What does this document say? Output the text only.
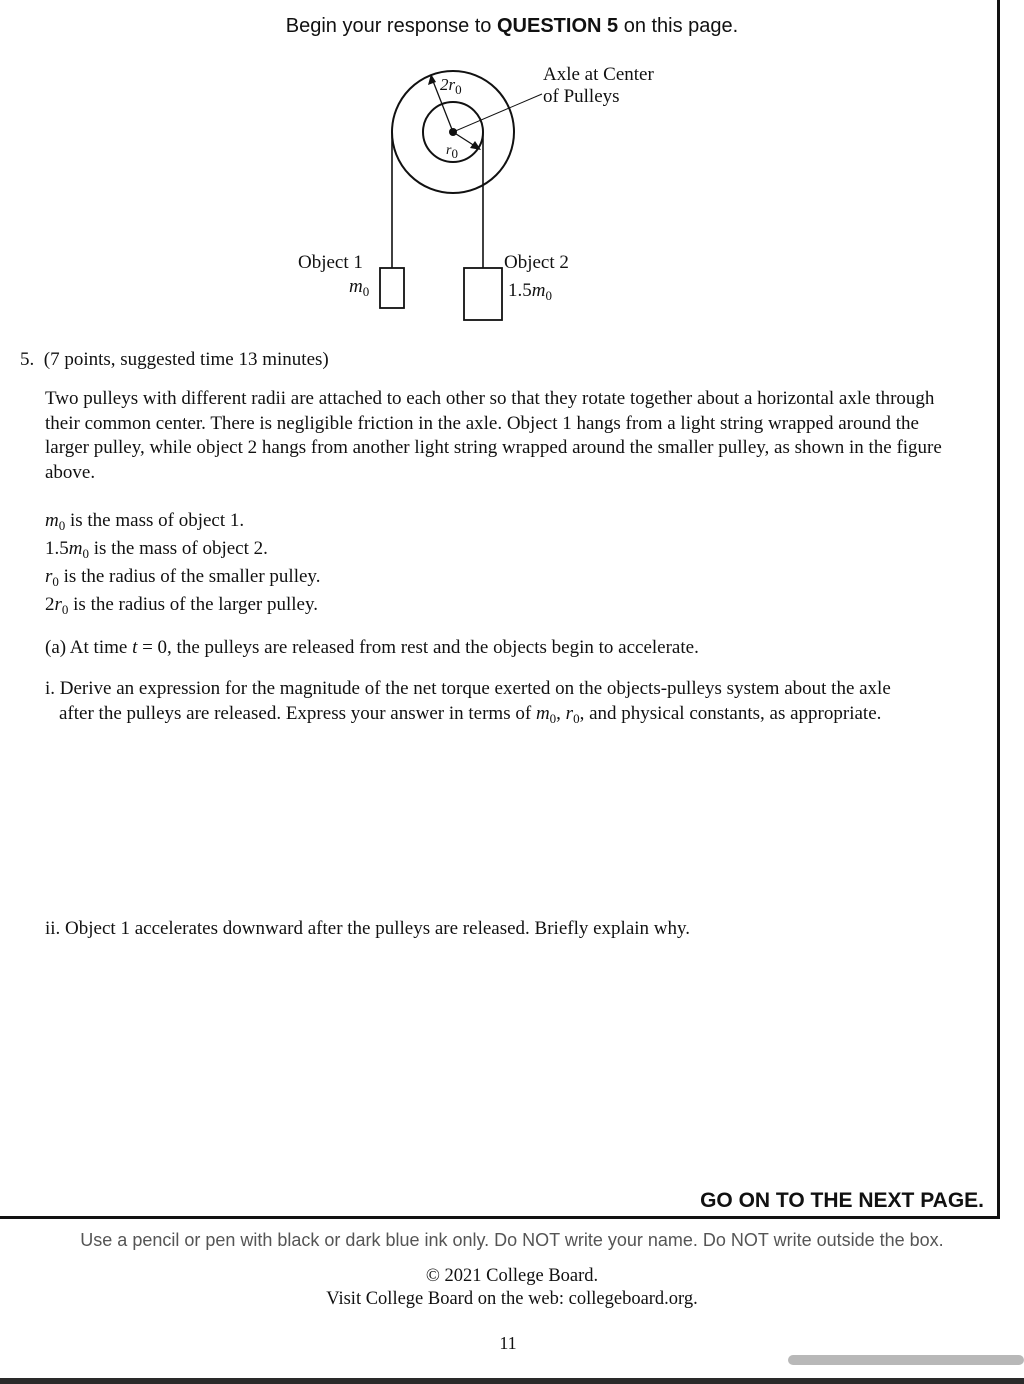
Begin your response to QUESTION 5 on this page.
Axle at Center
of Pulleys
$2r_0$
$r_0$
Object 1
$m_0$
Object 2
$1.5m_0$
5. (7 points, suggested time 13 minutes)
Two pulleys with different radii are attached to each other so that they rotate together about a horizontal axle through their common center. There is negligible friction in the axle. Object 1 hangs from a light string wrapped around the larger pulley, while object 2 hangs from another light string wrapped around the smaller pulley, as shown in the figure above.
$m_0$ is the mass of object 1.
$1.5m_0$ is the mass of object 2.
$r_0$ is the radius of the smaller pulley.
$2r_0$ is the radius of the larger pulley.
(a) At time t = 0, the pulleys are released from rest and the objects begin to accelerate.
i. Derive an expression for the magnitude of the net torque exerted on the objects-pulleys system about the axle
after the pulleys are released. Express your answer in terms of $m_0$, $r_0$, and physical constants, as appropriate.
ii. Object 1 accelerates downward after the pulleys are released. Briefly explain why.
GO ON TO THE NEXT PAGE.
Use a pencil or pen with black or dark blue ink only. Do NOT write your name. Do NOT write outside the box.
© 2021 College Board.
Visit College Board on the web: collegeboard.org.
11
